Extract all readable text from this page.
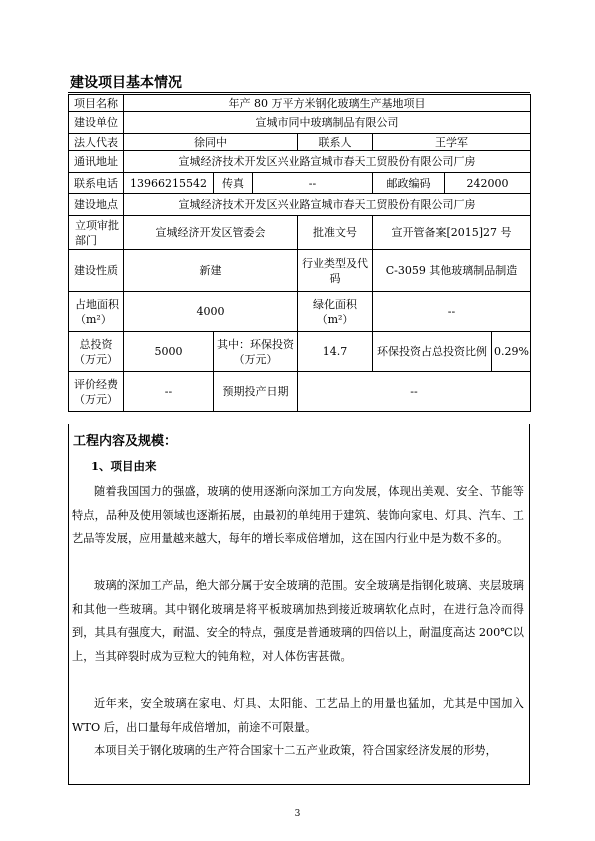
建设项目基本情况
项目名称	年产 80 万平方米钢化玻璃生产基地项目						
建设单位	宣城市同中玻璃制品有限公司						
法人代表	徐同中			联系人	王学军		
通讯地址	宣城经济技术开发区兴业路宣城市春天工贸股份有限公司厂房						
联系电话	13966215542	传真	--		邮政编码	242000	
建设地点	宣城经济技术开发区兴业路宣城市春天工贸股份有限公司厂房						
立项审批部门	宣城经济开发区管委会			批准文号	宣开管备案[2015]27 号		
建设性质	新建			行业类型及代码	C-3059 其他玻璃制品制造		
占地面积（m²）	4000			绿化面积（m²）	--		
总投资（万元）	5000	其中：环保投资（万元）		14.7	环保投资占总投资比例		0.29%
评价经费（万元）	--	预期投产日期		--			
工程内容及规模：
1、项目由来

随着我国国力的强盛，玻璃的使用逐渐向深加工方向发展，体现出美观、安全、节能等特点，品种及使用领域也逐渐拓展，由最初的单纯用于建筑、装饰向家电、灯具、汽车、工艺品等发展，应用量越来越大，每年的增长率成倍增加，这在国内行业中是为数不多的。

玻璃的深加工产品，绝大部分属于安全玻璃的范围。安全玻璃是指钢化玻璃、夹层玻璃和其他一些玻璃。其中钢化玻璃是将平板玻璃加热到接近玻璃软化点时，在进行急冷而得到，其具有强度大，耐温、安全的特点，强度是普通玻璃的四倍以上，耐温度高达 200℃以上，当其碎裂时成为豆粒大的钝角粒，对人体伤害甚微。

近年来，安全玻璃在家电、灯具、太阳能、工艺品上的用量也猛加，尤其是中国加入 WTO 后，出口量每年成倍增加，前途不可限量。

本项目关于钢化玻璃的生产符合国家十二五产业政策，符合国家经济发展的形势，

3
